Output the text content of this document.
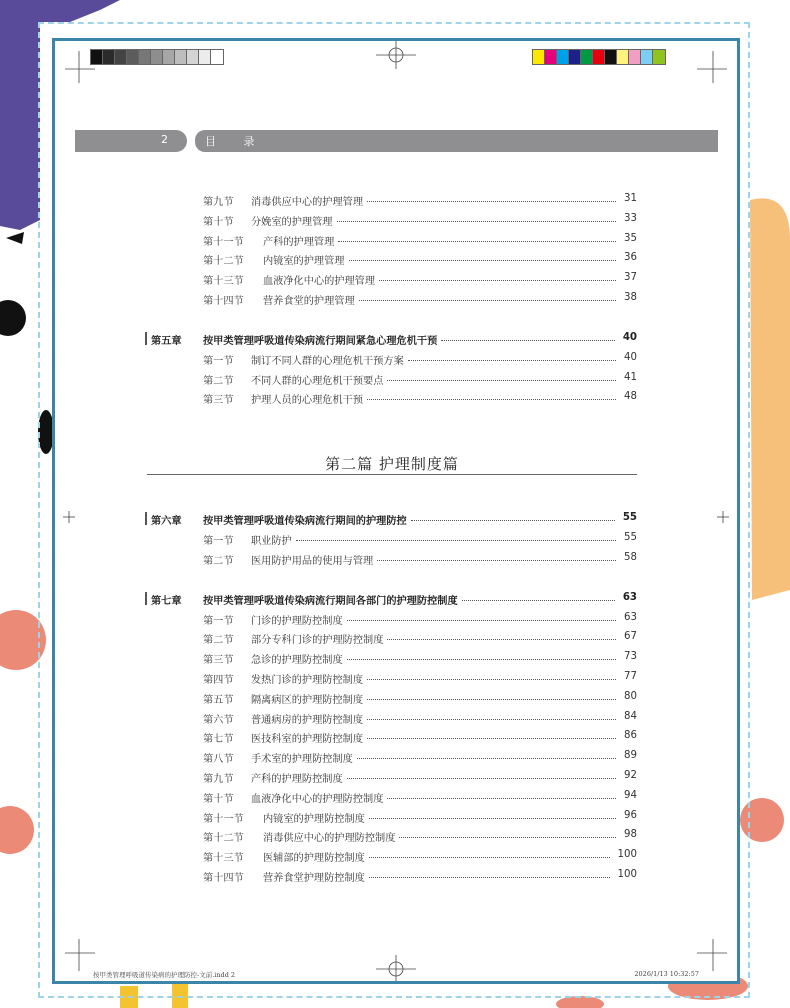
2	目 录
第二篇 护理制度篇
按甲类管理呼吸道传染病的护理防控-文前.indd 2	2026/1/13 10:32:57
第九节 消毒供应中心的护理管理	31
第十节 分娩室的护理管理	33
第十一节 产科的护理管理	35
第十二节 内镜室的护理管理	36
第十三节 血液净化中心的护理管理	37
第十四节 营养食堂的护理管理	38
第五章 按甲类管理呼吸道传染病流行期间紧急心理危机干预	40
第一节 制订不同人群的心理危机干预方案	40
第二节 不同人群的心理危机干预要点	41
第三节 护理人员的心理危机干预	48
第六章 按甲类管理呼吸道传染病流行期间的护理防控	55
第一节 职业防护	55
第二节 医用防护用品的使用与管理	58
第七章 按甲类管理呼吸道传染病流行期间各部门的护理防控制度	63
第一节 门诊的护理防控制度	63
第二节 部分专科门诊的护理防控制度	67
第三节 急诊的护理防控制度	73
第四节 发热门诊的护理防控制度	77
第五节 隔离病区的护理防控制度	80
第六节 普通病房的护理防控制度	84
第七节 医技科室的护理防控制度	86
第八节 手术室的护理防控制度	89
第九节 产科的护理防控制度	92
第十节 血液净化中心的护理防控制度	94
第十一节 内镜室的护理防控制度	96
第十二节 消毒供应中心的护理防控制度	98
第十三节 医辅部的护理防控制度	100
第十四节 营养食堂护理防控制度	100
